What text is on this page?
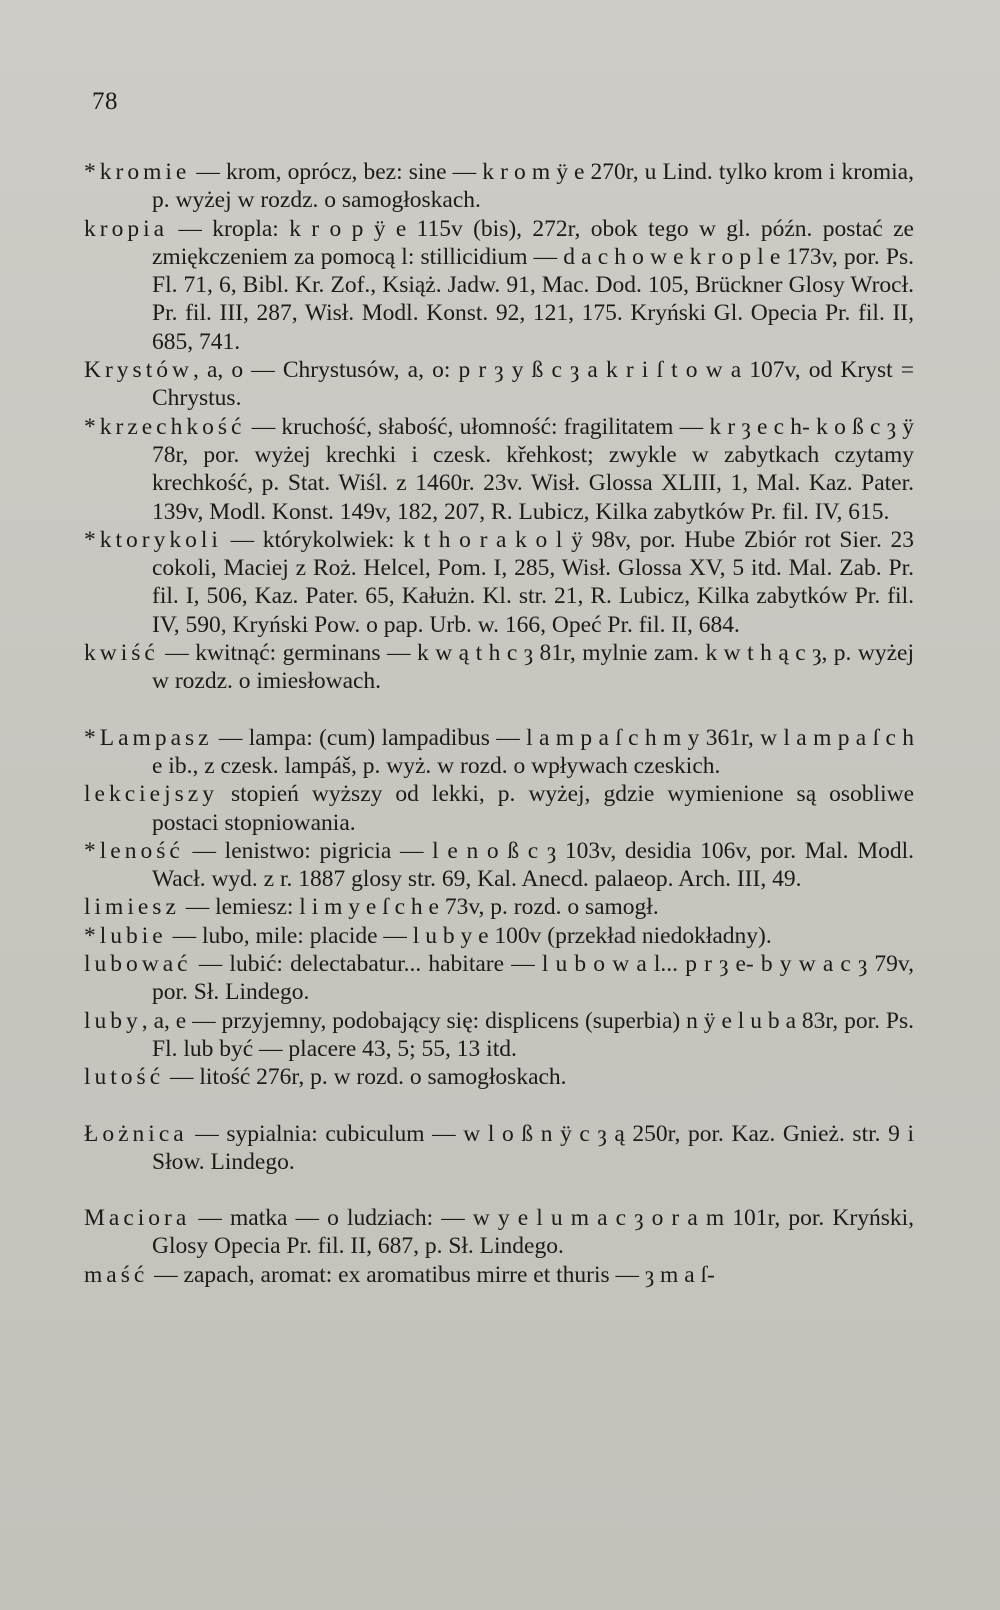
78

*kromie — krom, oprócz, bez: sine — k r o m ÿ e 270r, u Lind. tylko krom i kromia, p. wyżej w rozdz. o samogłoskach.

kropia — kropla: k r o p ÿ e 115v (bis), 272r, obok tego w gl. późn. postać ze zmiękczeniem za pomocą l: stillicidium — d a c h o w e k r o p l e 173v, por. Ps. Fl. 71, 6, Bibl. Kr. Zof., Książ. Jadw. 91, Mac. Dod. 105, Brückner Glosy Wrocł. Pr. fil. III, 287, Wisł. Modl. Konst. 92, 121, 175. Kryński Gl. Opecia Pr. fil. II, 685, 741.

Krystów, a, o — Chrystusów, a, o: p r ȝ y ß c ȝ a k r i ſ t o w a 107v, od Kryst = Chrystus.

*krzechkość — kruchość, słabość, ułomność: fragilitatem — k r ȝ e c h- k o ß c ȝ ÿ 78r, por. wyżej krechki i czesk. křehkost; zwykle w zabytkach czytamy krechkość, p. Stat. Wiśl. z 1460r. 23v. Wisł. Glossa XLIII, 1, Mal. Kaz. Pater. 139v, Modl. Konst. 149v, 182, 207, R. Lubicz, Kilka zabytków Pr. fil. IV, 615.

*ktorykoli — którykolwiek: k t h o r a k o l ÿ 98v, por. Hube Zbiór rot Sier. 23 cokoli, Maciej z Roż. Helcel, Pom. I, 285, Wisł. Glossa XV, 5 itd. Mal. Zab. Pr. fil. I, 506, Kaz. Pater. 65, Kałużn. Kl. str. 21, R. Lubicz, Kilka zabytków Pr. fil. IV, 590, Kryński Pow. o pap. Urb. w. 166, Opeć Pr. fil. II, 684.

kwiść — kwitnąć: germinans — k w ą t h c ȝ 81r, mylnie zam. k w t h ą c ȝ, p. wyżej w rozdz. o imiesłowach.

*Lampasz — lampa: (cum) lampadibus — l a m p a ſ c h m y 361r, w l a m p a ſ c h e ib., z czesk. lampáš, p. wyż. w rozd. o wpływach czeskich.

lekciejszy stopień wyższy od lekki, p. wyżej, gdzie wymienione są osobliwe postaci stopniowania.

*leność — lenistwo: pigricia — l e n o ß c ȝ 103v, desidia 106v, por. Mal. Modl. Wacł. wyd. z r. 1887 glosy str. 69, Kal. Anecd. palaeop. Arch. III, 49.

limiesz — lemiesz: l i m y e ſ c h e 73v, p. rozd. o samogł.

*lubie — lubo, mile: placide — l u b y e 100v (przekład niedokładny).

lubować — lubić: delectabatur... habitare — l u b o w a l... p r ȝ e- b y w a c ȝ 79v, por. Sł. Lindego.

luby, a, e — przyjemny, podobający się: displicens (superbia) n ÿ e l u b a 83r, por. Ps. Fl. lub być — placere 43, 5; 55, 13 itd.

lutość — litość 276r, p. w rozd. o samogłoskach.

Łożnica — sypialnia: cubiculum — w l o ß n ÿ c ȝ ą 250r, por. Kaz. Gnież. str. 9 i Słow. Lindego.

Maciora — matka — o ludziach: — w y e l u m a c ȝ o r a m 101r, por. Kryński, Glosy Opecia Pr. fil. II, 687, p. Sł. Lindego.

maść — zapach, aromat: ex aromatibus mirre et thuris — ȝ m a ſ-
